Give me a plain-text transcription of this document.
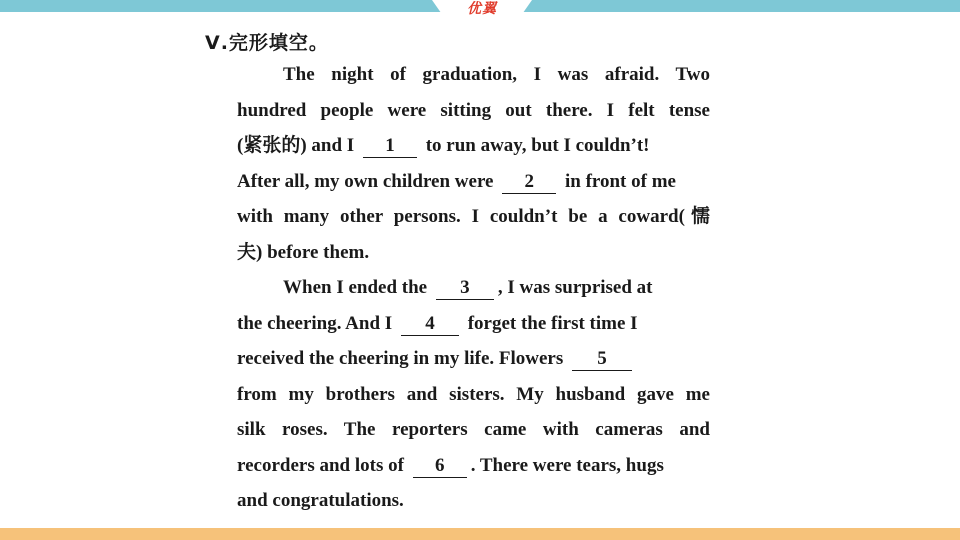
优翼
Ⅴ.完形填空。
The night of graduation, I was afraid. Two
hundred people were sitting out there. I felt tense
(紧张的) and I 1 to run away, but I couldn’t!
After all, my own children were 2 in front of me
with many other persons. I couldn’t be a coward(懦
夫) before them.
When I ended the 3 , I was surprised at
the cheering. And I 4 forget the first time I
received the cheering in my life. Flowers 5
from my brothers and sisters. My husband gave me
silk roses. The reporters came with cameras and
recorders and lots of 6 . There were tears, hugs
and congratulations.
